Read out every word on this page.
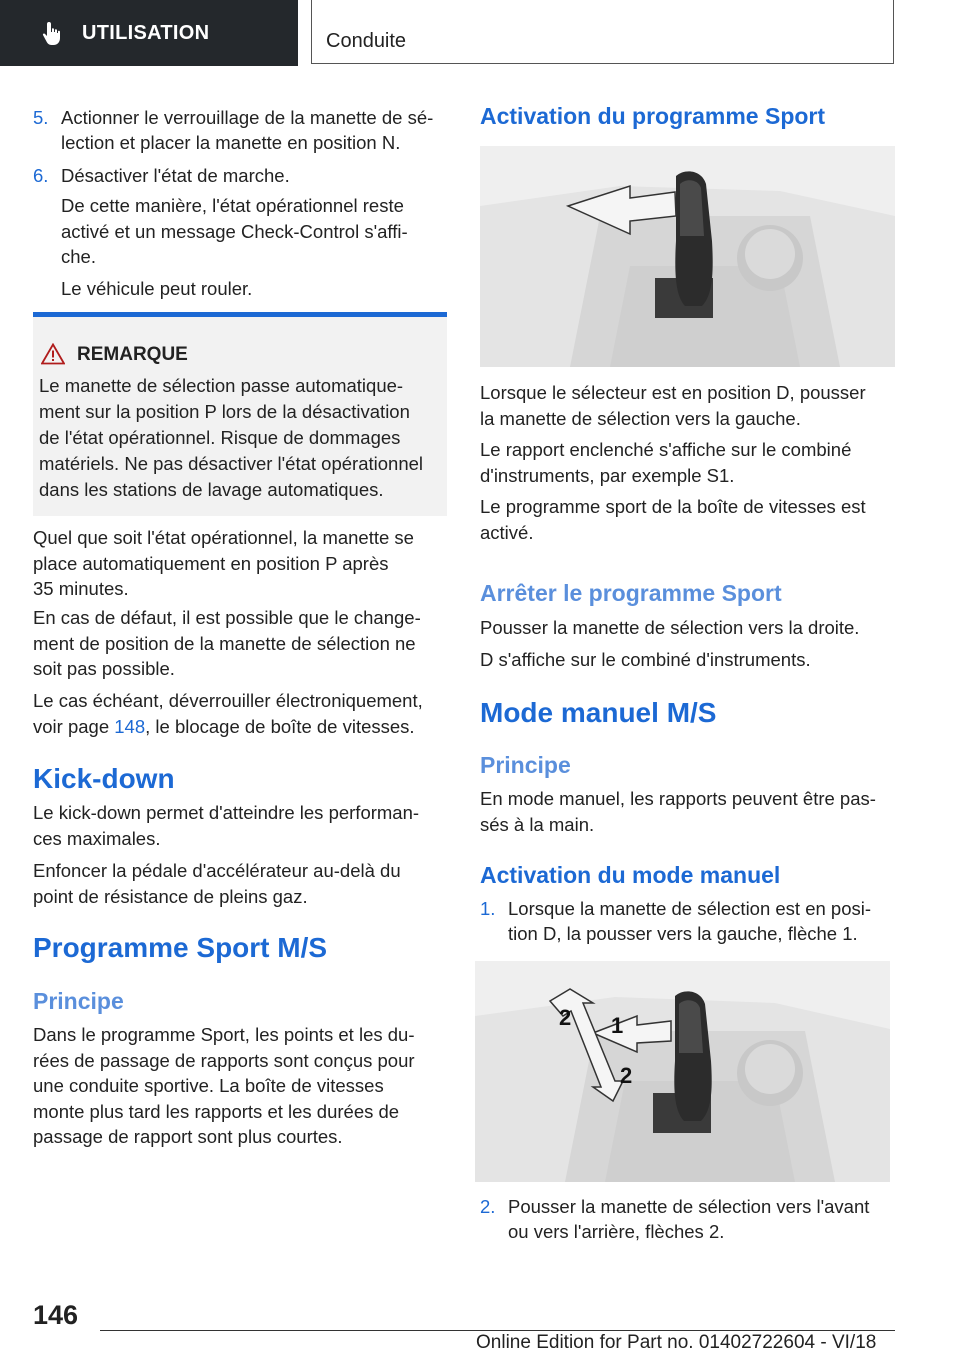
UTILISATION	Conduite
5. Actionner le verrouillage de la manette de sé-

lection et placer la manette en position N.

6. Désactiver l'état de marche.

De cette manière, l'état opérationnel reste
activé et un message Check-Control s'affi-
che.
Le véhicule peut rouler.
REMARQUE
Le manette de sélection passe automatique-
ment sur la position P lors de la désactivation
de l'état opérationnel. Risque de dommages
matériels. Ne pas désactiver l'état opérationnel
dans les stations de lavage automatiques.
Quel que soit l'état opérationnel, la manette se
place automatiquement en position P après
35 minutes.
En cas de défaut, il est possible que le change-
ment de position de la manette de sélection ne
soit pas possible.
Le cas échéant, déverrouiller électroniquement,
voir page 148, le blocage de boîte de vitesses.
Kick-down
Le kick-down permet d'atteindre les performan-
ces maximales.
Enfoncer la pédale d'accélérateur au-delà du
point de résistance de pleins gaz.
Programme Sport M/S
Principe
Dans le programme Sport, les points et les du-
rées de passage de rapports sont conçus pour
une conduite sportive. La boîte de vitesses
monte plus tard les rapports et les durées de
passage de rapport sont plus courtes.
Activation du programme Sport
Lorsque le sélecteur est en position D, pousser
la manette de sélection vers la gauche.
Le rapport enclenché s'affiche sur le combiné
d'instruments, par exemple S1.
Le programme sport de la boîte de vitesses est
activé.
Arrêter le programme Sport
Pousser la manette de sélection vers la droite.
D s'affiche sur le combiné d'instruments.
Mode manuel M/S
Principe
En mode manuel, les rapports peuvent être pas-
sés à la main.
Activation du mode manuel
1. Lorsque la manette de sélection est en posi-

tion D, la pousser vers la gauche, flèche 1.

1
2
2
2. Pousser la manette de sélection vers l'avant

ou vers l'arrière, flèches 2.

146
Online Edition for Part no. 01402722604 - VI/18
